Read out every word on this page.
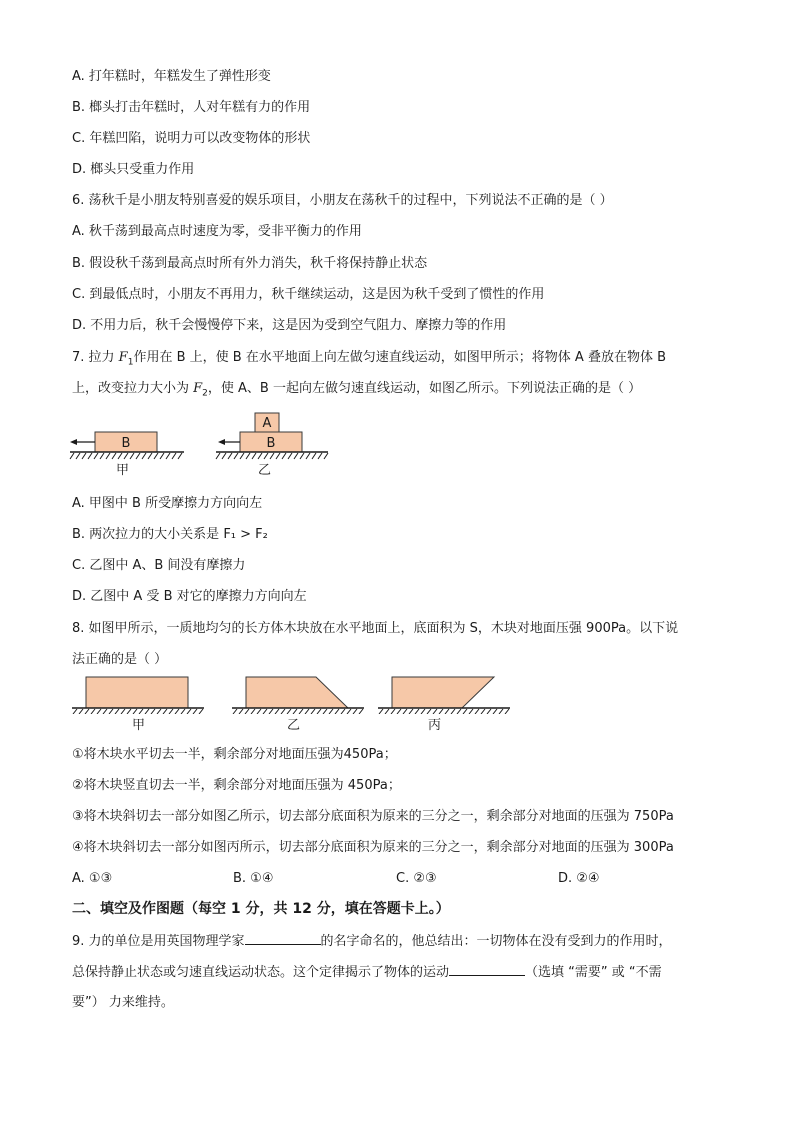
A. 打年糕时，年糕发生了弹性形变
B. 榔头打击年糕时，人对年糕有力的作用
C. 年糕凹陷，说明力可以改变物体的形状
D. 榔头只受重力作用
6. 荡秋千是小朋友特别喜爱的娱乐项目，小朋友在荡秋千的过程中，下列说法不正确的是（ ）
A. 秋千荡到最高点时速度为零，受非平衡力的作用
B. 假设秋千荡到最高点时所有外力消失，秋千将保持静止状态
C. 到最低点时，小朋友不再用力，秋千继续运动，这是因为秋千受到了惯性的作用
D. 不用力后，秋千会慢慢停下来，这是因为受到空气阻力、摩擦力等的作用
7. 拉力 $F_1$作用在 B 上，使 B 在水平地面上向左做匀速直线运动，如图甲所示；将物体 A 叠放在物体 B
上，改变拉力大小为 $F_2$，使 A、B 一起向左做匀速直线运动，如图乙所示。下列说法正确的是（ ）
B
甲
A
B
乙
A. 甲图中 B 所受摩擦力方向向左
B. 两次拉力的大小关系是 F₁ > F₂
C. 乙图中 A、B 间没有摩擦力
D. 乙图中 A 受 B 对它的摩擦力方向向左
8. 如图甲所示，一质地均匀的长方体木块放在水平地面上，底面积为 S，木块对地面压强 900Pa。以下说
法正确的是（ ）
甲	乙	丙
①将木块水平切去一半，剩余部分对地面压强为450Pa；
②将木块竖直切去一半，剩余部分对地面压强为 450Pa；
③将木块斜切去一部分如图乙所示，切去部分底面积为原来的三分之一，剩余部分对地面的压强为 750Pa
④将木块斜切去一部分如图丙所示，切去部分底面积为原来的三分之一，剩余部分对地面的压强为 300Pa
A. ①③	B. ①④	C. ②③	D. ②④
二、填空及作图题（每空 1 分，共 12 分，填在答题卡上。）
9. 力的单位是用英国物理学家	的名字命名的，他总结出：一切物体在没有受到力的作用时，
总保持静止状态或匀速直线运动状态。这个定律揭示了物体的运动	（选填 “需要” 或 “不需
要”） 力来维持。
